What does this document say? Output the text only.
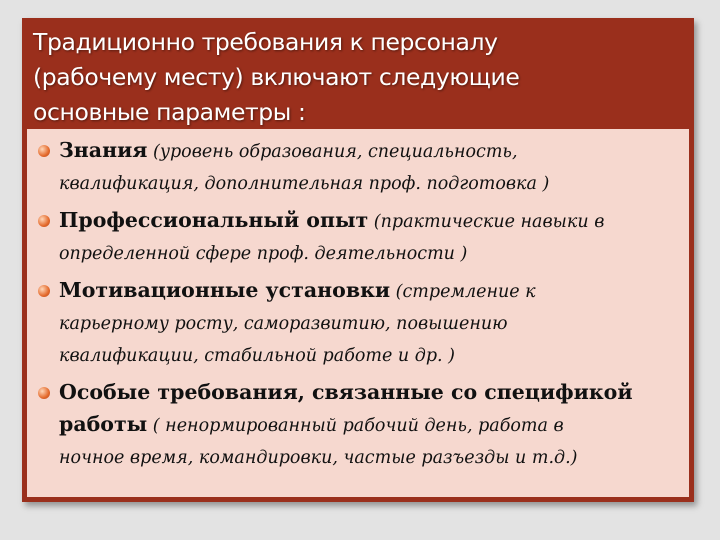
Традиционно требования к персоналу
(рабочему месту) включают следующие
основные параметры :
Знания (уровень образования, специальность,
квалификация, дополнительная проф. подготовка )
Профессиональный опыт (практические навыки в
определенной сфере проф. деятельности )
Мотивационные установки (стремление к
карьерному росту, саморазвитию, повышению
квалификации, стабильной работе и др. )
Особые требования, связанные со спецификой
работы ( ненормированный рабочий день, работа в
ночное время, командировки, частые разъезды и т.д.)
